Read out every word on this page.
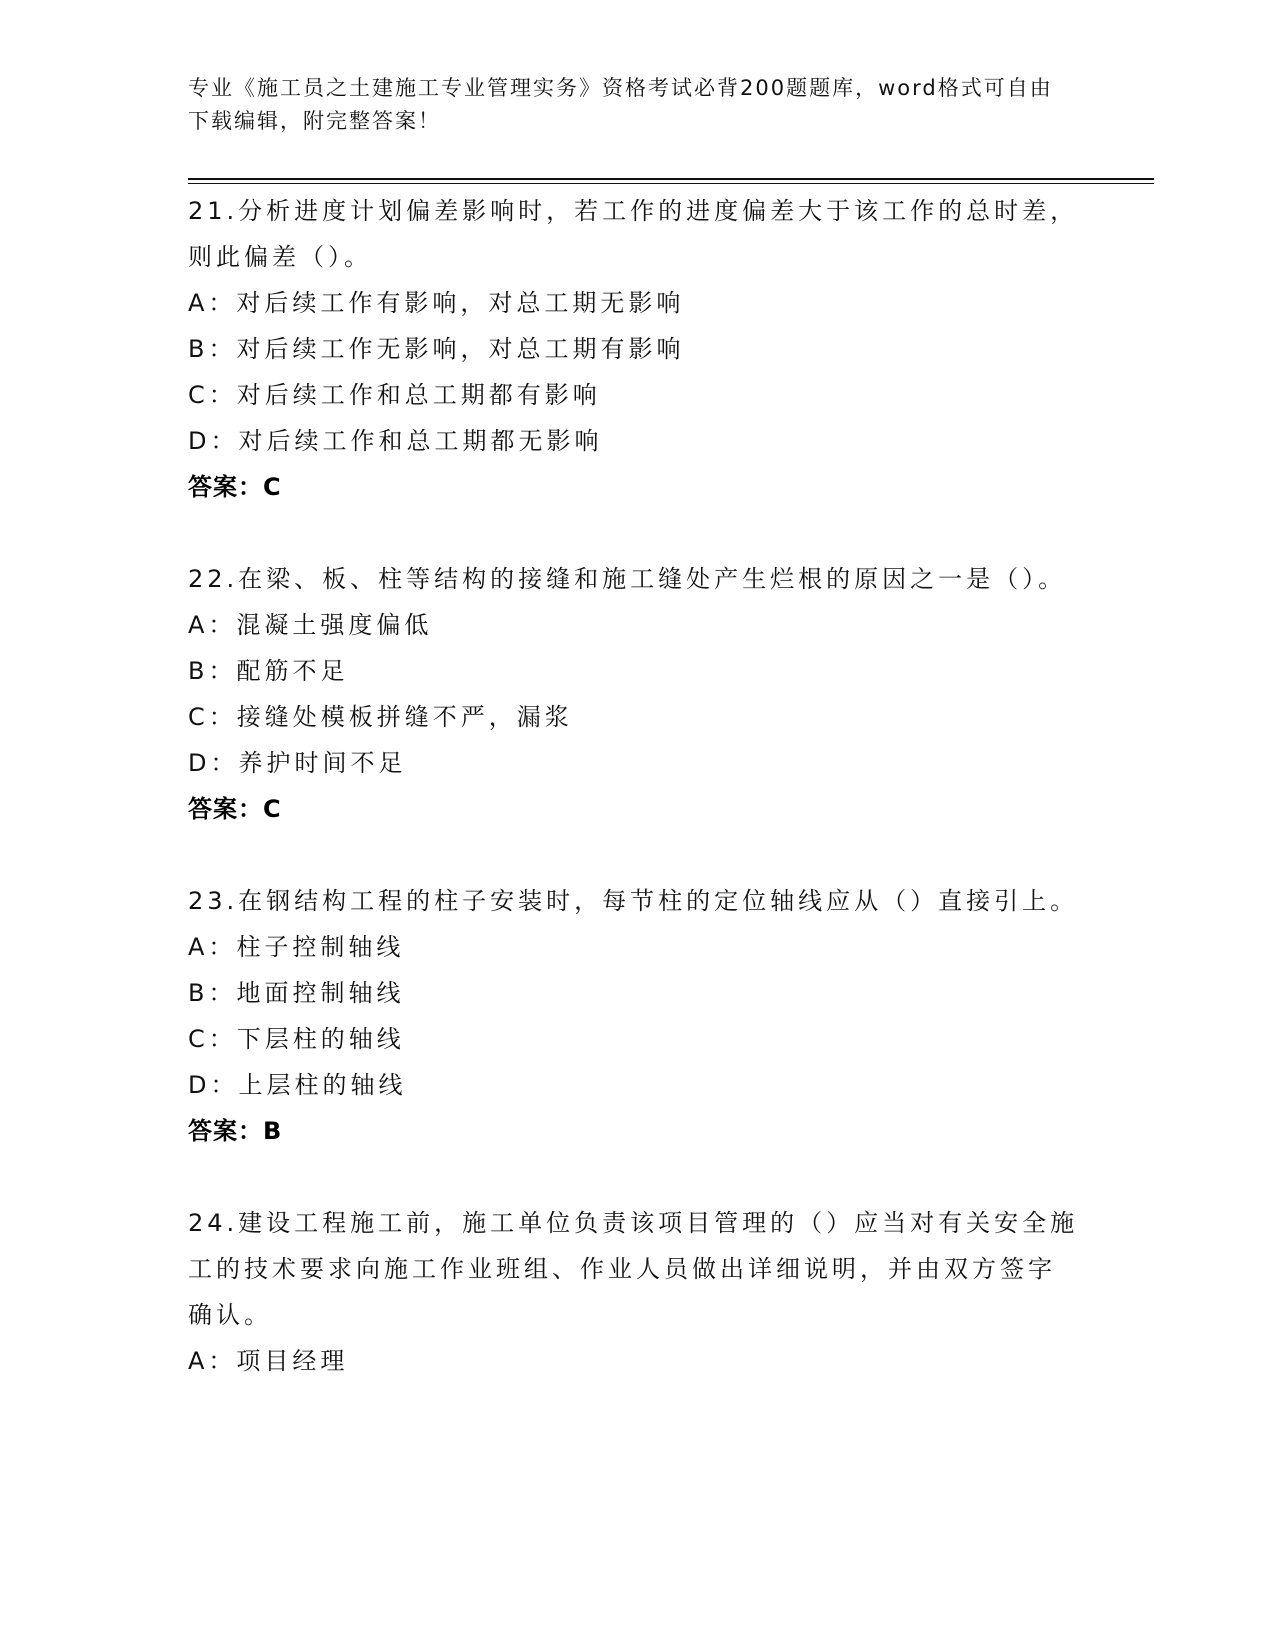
专业《施工员之土建施工专业管理实务》资格考试必背200题题库，word格式可自由下载编辑，附完整答案！

21.分析进度计划偏差影响时，若工作的进度偏差大于该工作的总时差，则此偏差（）。

A：对后续工作有影响，对总工期无影响

B：对后续工作无影响，对总工期有影响

C：对后续工作和总工期都有影响

D：对后续工作和总工期都无影响

答案：C

22.在梁、板、柱等结构的接缝和施工缝处产生烂根的原因之一是（）。

A：混凝土强度偏低

B：配筋不足

C：接缝处模板拼缝不严，漏浆

D：养护时间不足

答案：C

23.在钢结构工程的柱子安装时，每节柱的定位轴线应从（）直接引上。

A：柱子控制轴线

B：地面控制轴线

C：下层柱的轴线

D：上层柱的轴线

答案：B

24.建设工程施工前，施工单位负责该项目管理的（）应当对有关安全施工的技术要求向施工作业班组、作业人员做出详细说明，并由双方签字确认。

A：项目经理
